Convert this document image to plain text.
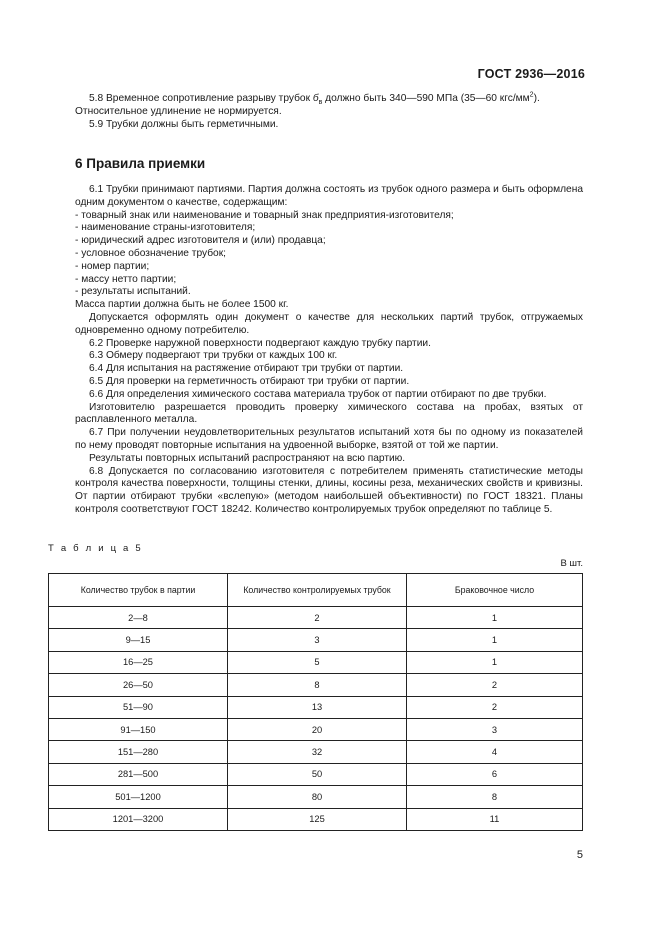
ГОСТ 2936—2016

5.8 Временное сопротивление разрыву трубок $б_в$ должно быть 340—590 МПа (35—60 кгс/$мм^2$).

Относительное удлинение не нормируется.

5.9 Трубки должны быть герметичными.

6 Правила приемки

6.1 Трубки принимают партиями. Партия должна состоять из трубок одного размера и быть оформлена одним документом о качестве, содержащим:

- товарный знак или наименование и товарный знак предприятия-изготовителя;

- наименование страны-изготовителя;

- юридический адрес изготовителя и (или) продавца;

- условное обозначение трубок;

- номер партии;

- массу нетто партии;

- результаты испытаний.

Масса партии должна быть не более 1500 кг.

Допускается оформлять один документ о качестве для нескольких партий трубок, отгружаемых одновременно одному потребителю.

6.2 Проверке наружной поверхности подвергают каждую трубку партии.

6.3 Обмеру подвергают три трубки от каждых 100 кг.

6.4 Для испытания на растяжение отбирают три трубки от партии.

6.5 Для проверки на герметичность отбирают три трубки от партии.

6.6 Для определения химического состава материала трубок от партии отбирают по две трубки.

Изготовителю разрешается проводить проверку химического состава на пробах, взятых от расплавленного металла.

6.7 При получении неудовлетворительных результатов испытаний хотя бы по одному из показателей по нему проводят повторные испытания на удвоенной выборке, взятой от той же партии.

Результаты повторных испытаний распространяют на всю партию.

6.8 Допускается по согласованию изготовителя с потребителем применять статистические методы контроля качества поверхности, толщины стенки, длины, косины реза, механических свойств и кривизны. От партии отбирают трубки «вслепую» (методом наибольшей объективности) по ГОСТ 18321. Планы контроля соответствуют ГОСТ 18242. Количество контролируемых трубок определяют по таблице 5.

Т а б л и ц а 5
В шт.
Количество трубок в партии	Количество контролируемых трубок	Браковочное число
2—8	2	1
9—15	3	1
16—25	5	1
26—50	8	2
51—90	13	2
91—150	20	3
151—280	32	4
281—500	50	6
501—1200	80	8
1201—3200	125	11
5
